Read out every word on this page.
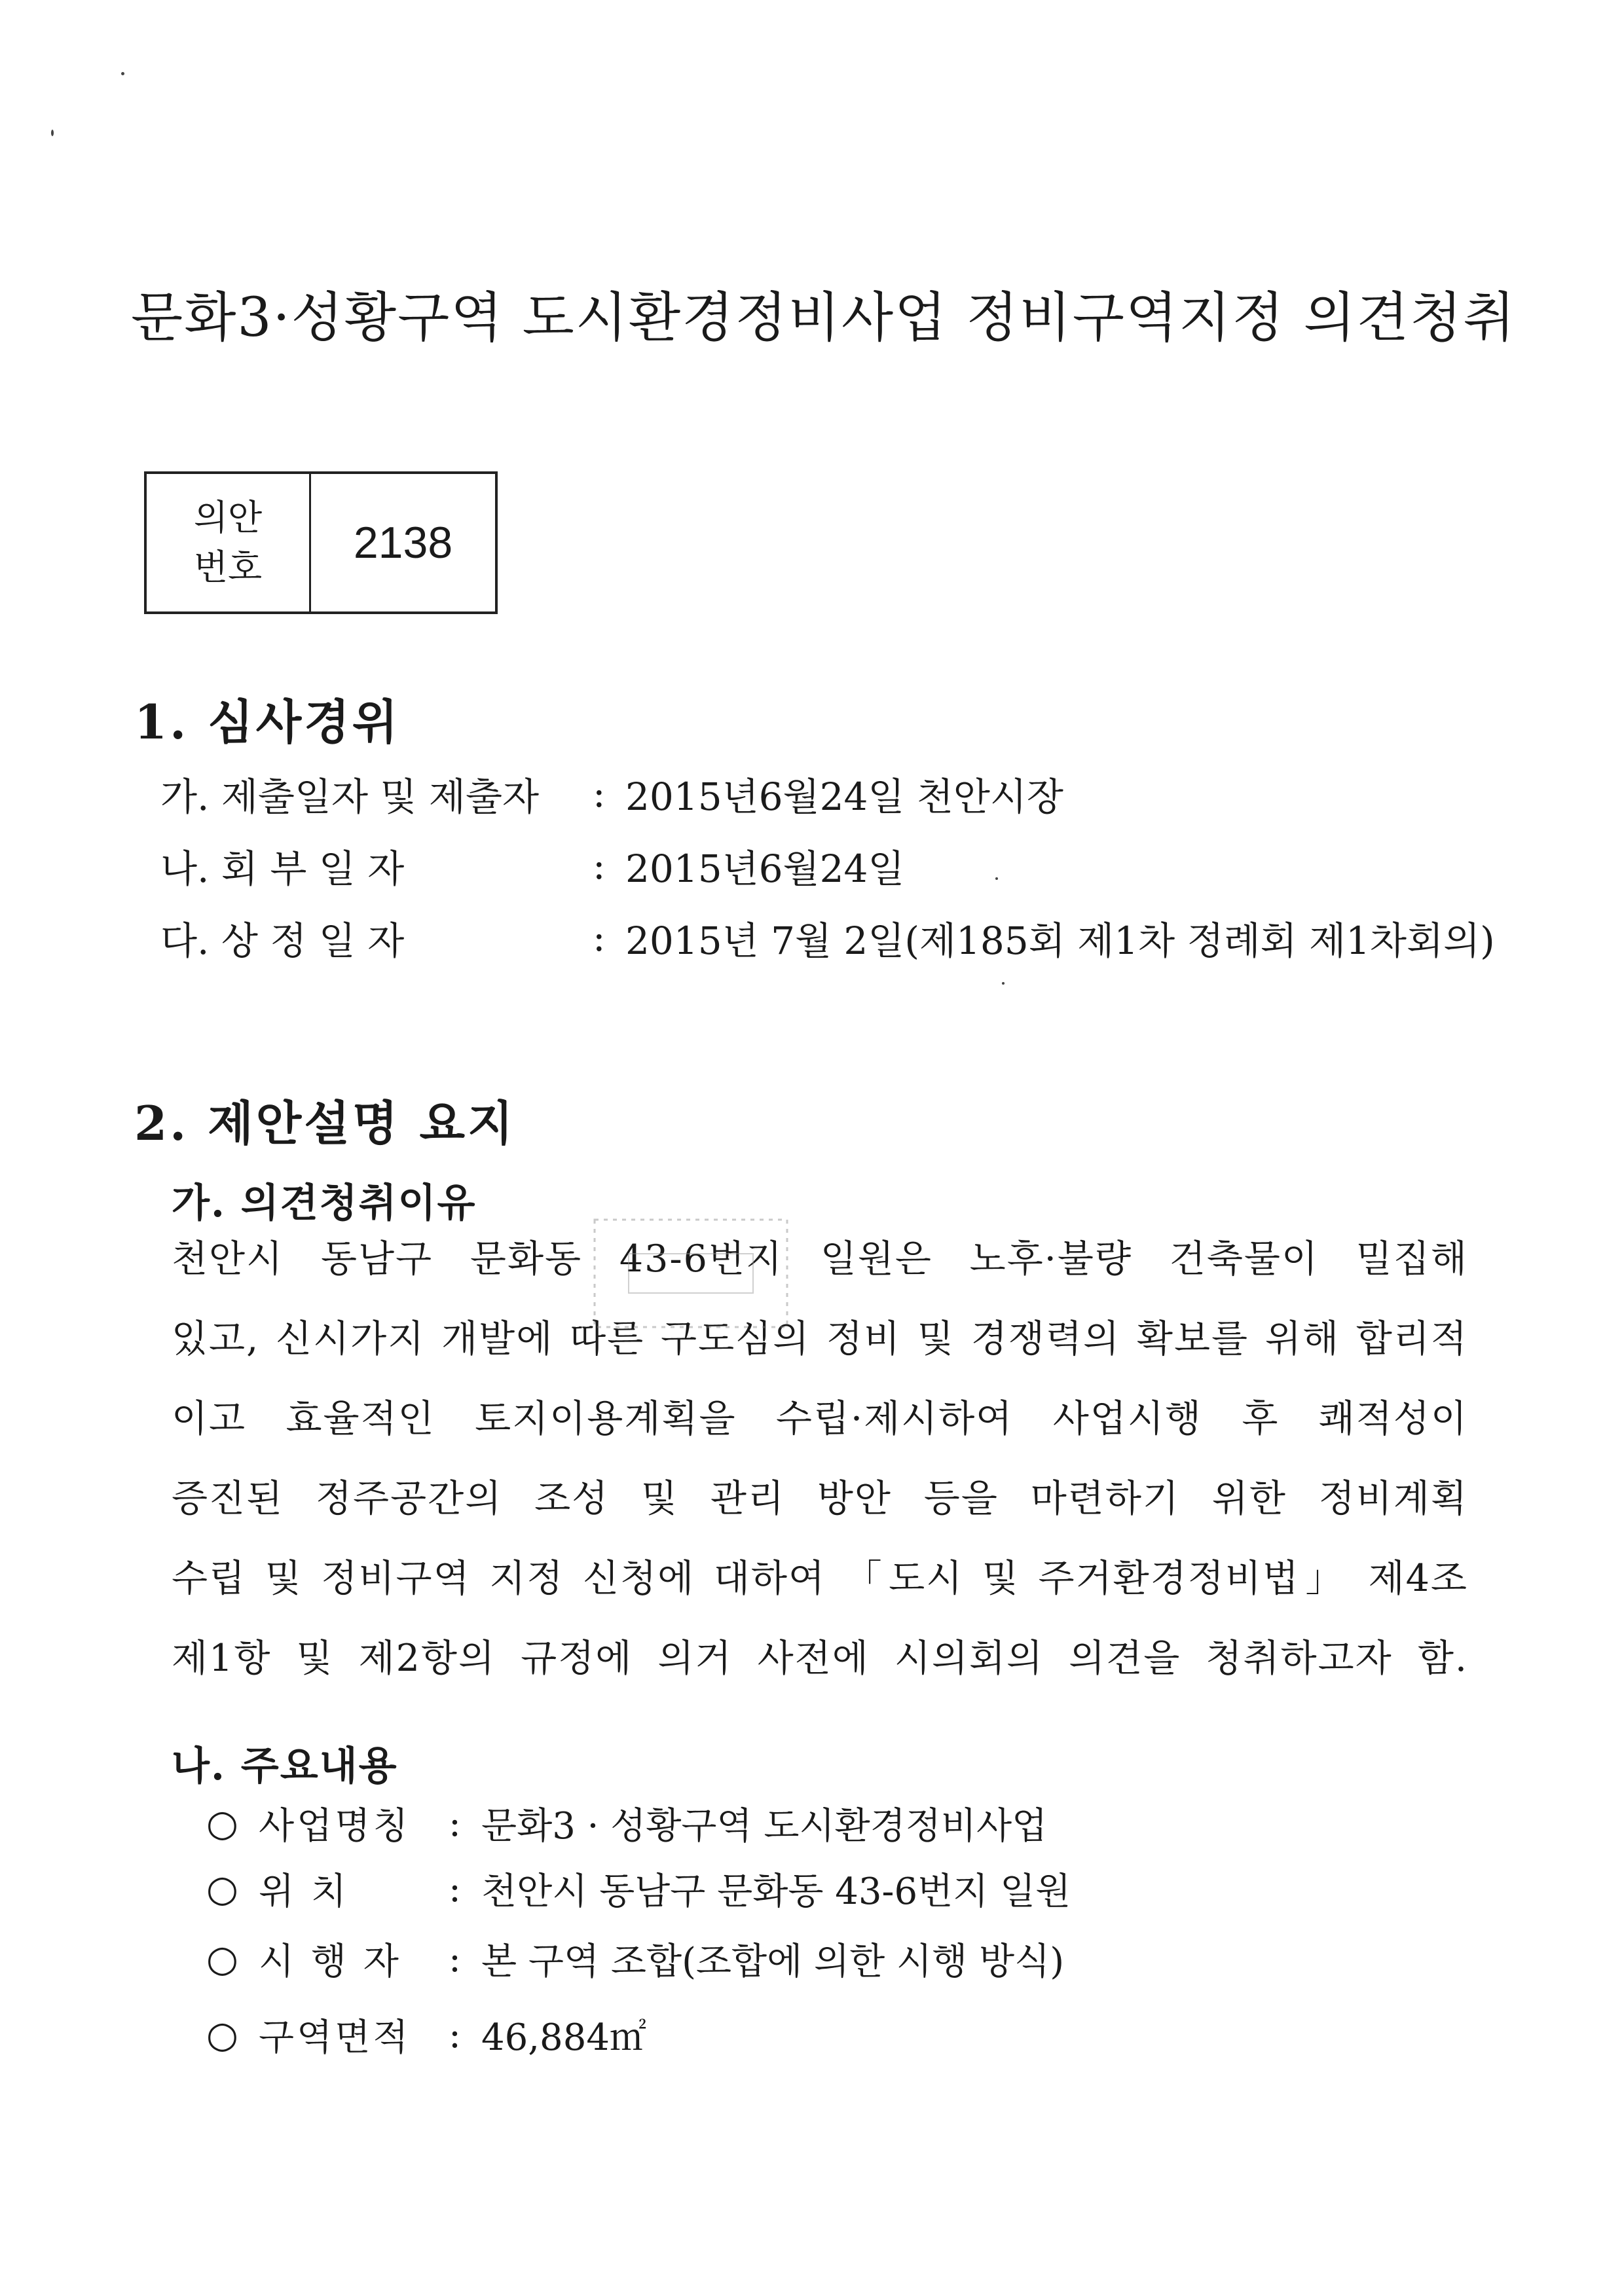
문화3·성황구역 도시환경정비사업 정비구역지정 의견청취
의안
번호	2138
1. 심사경위
가. 제출일자 및 제출자	: 2015년6월24일 천안시장
나. 회 부 일 자	: 2015년6월24일
다. 상 정 일 자	: 2015년 7월 2일(제185회 제1차 정례회 제1차회의)
2. 제안설명 요지
가. 의견청취이유
천안시 동남구 문화동 43-6번지 일원은 노후·불량 건축물이 밀집해
있고, 신시가지 개발에 따른 구도심의 정비 및 경쟁력의 확보를 위해 합리적
이고 효율적인 토지이용계획을 수립·제시하여 사업시행 후 쾌적성이
증진된 정주공간의 조성 및 관리 방안 등을 마련하기 위한 정비계획
수립 및 정비구역 지정 신청에 대하여 「도시 및 주거환경정비법」 제4조
제1항 및 제2항의 규정에 의거 사전에 시의회의 의견을 청취하고자 함.
나. 주요내용
○ 사업명칭	: 문화3 · 성황구역 도시환경정비사업
○ 위 치	: 천안시 동남구 문화동 43-6번지 일원
○ 시 행 자	: 본 구역 조합(조합에 의한 시행 방식)
○ 구역면적	: 46,884㎡
